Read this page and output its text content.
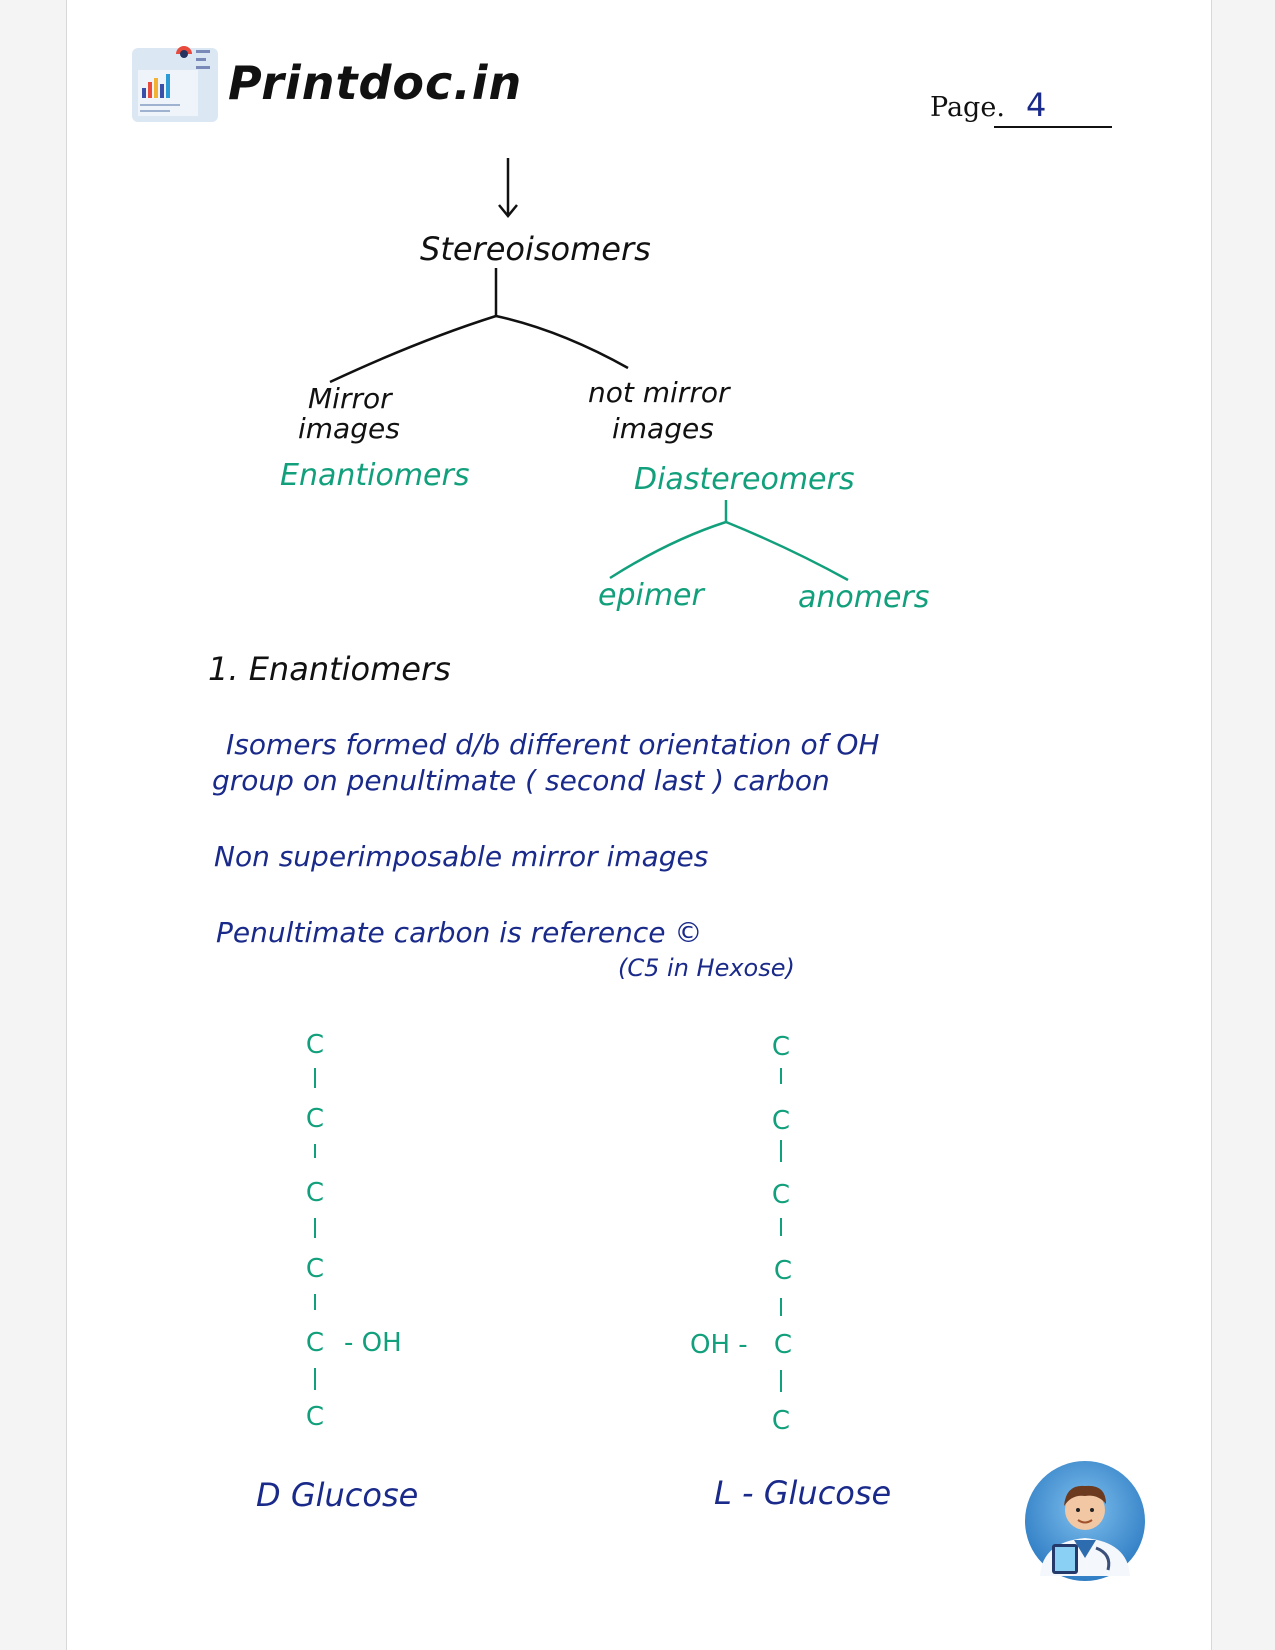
Printdoc.in	Page. 4
Stereoisomers
Mirror
images
Enantiomers
not mirror
images
Diastereomers
epimer	anomers
1. Enantiomers
Isomers formed d/b different orientation of OH
group on penultimate ( second last ) carbon
Non superimposable mirror images
Penultimate carbon is reference ©
(C5 in Hexose)
C
C
C
C
C
C
- OH
C
C
C
C
C
C
OH -
D Glucose	L - Glucose
